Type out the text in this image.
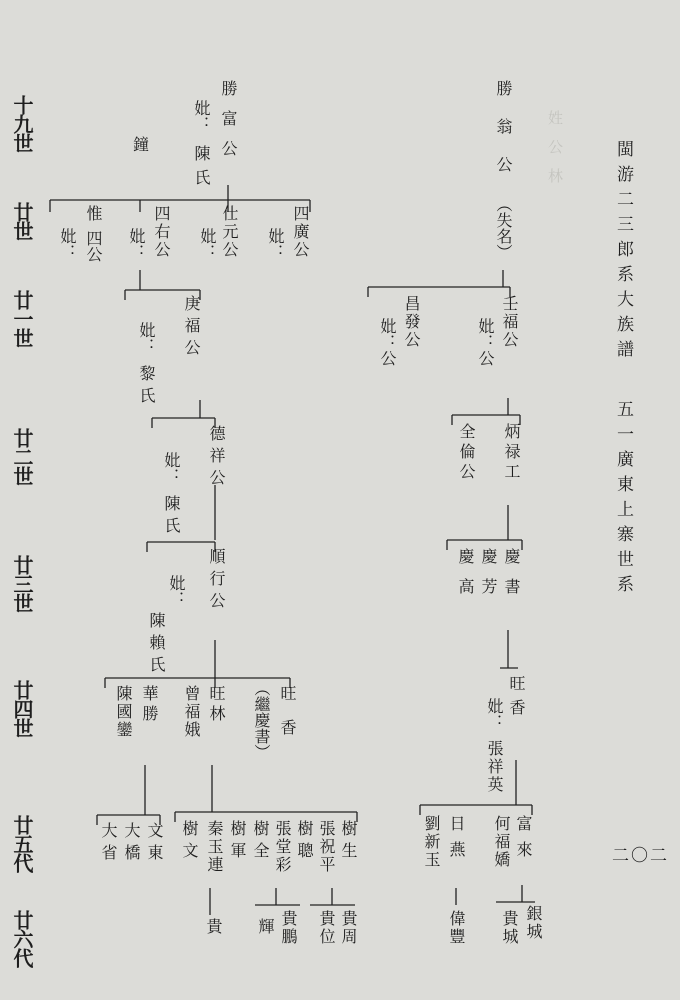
姓公林
十九世
廿世
廿一世
廿二世
廿三世
廿四世
廿五代
廿六代
閩游二三郎系大族譜
五一廣東上寨世系
二〇二
勝富公
妣：
陳氏
鐘
惟
妣： 四公	四右公
妣：	仕元公
妣：	四廣公
妣：
庚福公
妣：
黎氏
德祥公
妣：
陳氏
順行公
妣：
陳賴氏
華勝
陳國鑾	旺林
曾福娥	旺香
（繼慶書）
文東
大橋
大省	樹生
張祝平
樹聰
張堂彩
樹全
樹軍
秦玉連
樹文
貴周
貴位
貴鵬
輝
貴
勝翁公
（失名）
壬福公
妣：公
昌發公
妣：公
炳禄工
全倫公
慶書
慶芳
慶高
旺香
妣：
張祥英
富來
何福嬌
日燕
劉新玉
銀城
貴城
偉豐
